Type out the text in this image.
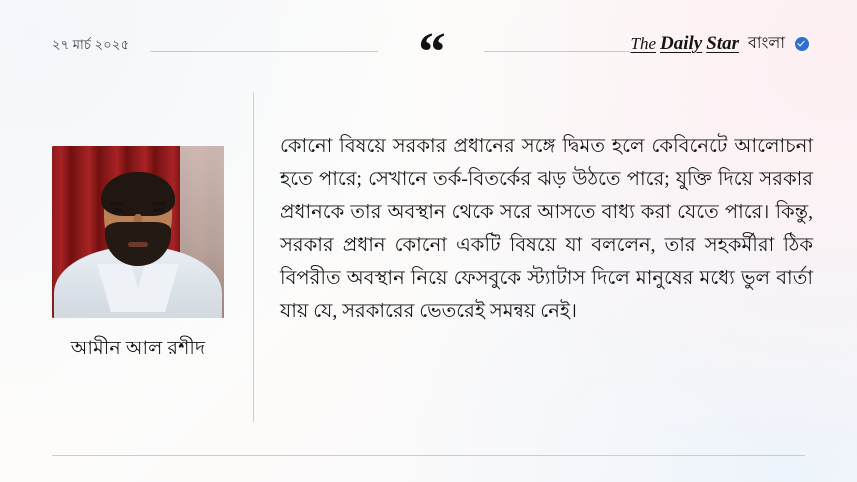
২৭ মার্চ ২০২৫	“	The Daily Star বাংলা
আমীন আল রশীদ
কোনো বিষয়ে সরকার প্রধানের সঙ্গে দ্বিমত হলে কেবিনেটে আলোচনা হতে পারে; সেখানে তর্ক-বিতর্কের ঝড় উঠতে পারে; যুক্তি দিয়ে সরকার প্রধানকে তার অবস্থান থেকে সরে আসতে বাধ্য করা যেতে পারে। কিন্তু, সরকার প্রধান কোনো একটি বিষয়ে যা বললেন, তার সহকর্মীরা ঠিক বিপরীত অবস্থান নিয়ে ফেসবুকে স্ট্যাটাস দিলে মানুষের মধ্যে ভুল বার্তা যায় যে, সরকারের ভেতরেই সমন্বয় নেই।
